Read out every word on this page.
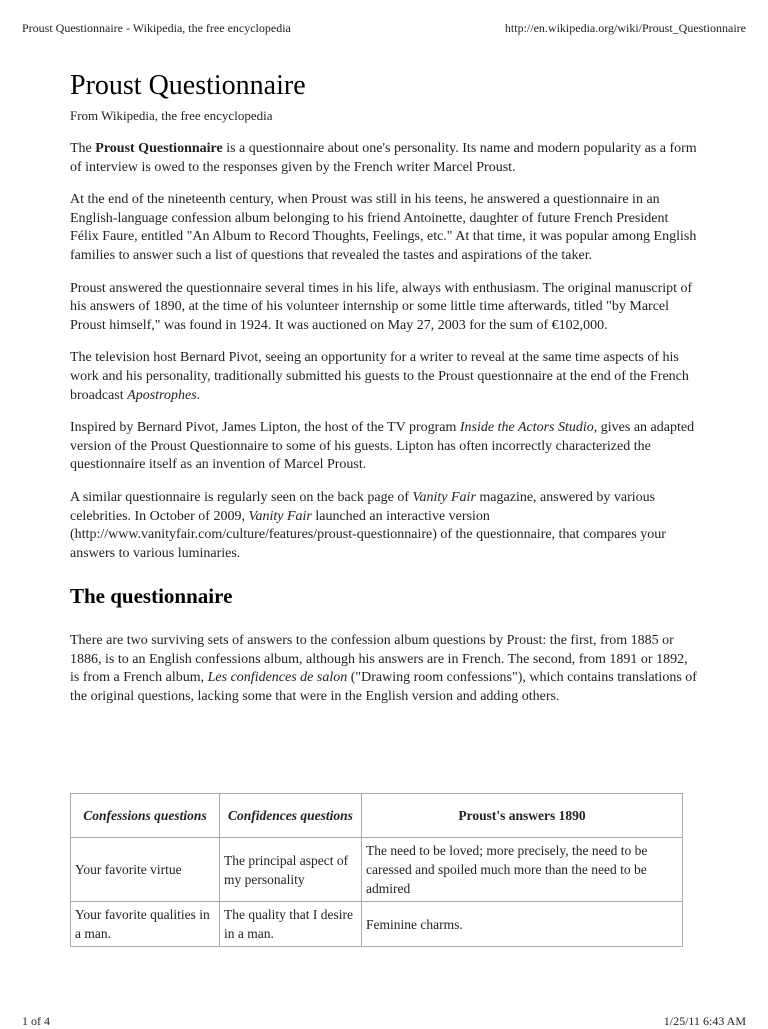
Proust Questionnaire - Wikipedia, the free encyclopedia	http://en.wikipedia.org/wiki/Proust_Questionnaire
Proust Questionnaire
From Wikipedia, the free encyclopedia

The Proust Questionnaire is a questionnaire about one's personality. Its name and modern popularity as a form of interview is owed to the responses given by the French writer Marcel Proust.

At the end of the nineteenth century, when Proust was still in his teens, he answered a questionnaire in an English-language confession album belonging to his friend Antoinette, daughter of future French President Félix Faure, entitled "An Album to Record Thoughts, Feelings, etc." At that time, it was popular among English families to answer such a list of questions that revealed the tastes and aspirations of the taker.

Proust answered the questionnaire several times in his life, always with enthusiasm. The original manuscript of his answers of 1890, at the time of his volunteer internship or some little time afterwards, titled "by Marcel Proust himself," was found in 1924. It was auctioned on May 27, 2003 for the sum of €102,000.

The television host Bernard Pivot, seeing an opportunity for a writer to reveal at the same time aspects of his work and his personality, traditionally submitted his guests to the Proust questionnaire at the end of the French broadcast Apostrophes.

Inspired by Bernard Pivot, James Lipton, the host of the TV program Inside the Actors Studio, gives an adapted version of the Proust Questionnaire to some of his guests. Lipton has often incorrectly characterized the questionnaire itself as an invention of Marcel Proust.

A similar questionnaire is regularly seen on the back page of Vanity Fair magazine, answered by various celebrities. In October of 2009, Vanity Fair launched an interactive version (http://www.vanityfair.com/culture/features/proust-questionnaire) of the questionnaire, that compares your answers to various luminaries.

The questionnaire

There are two surviving sets of answers to the confession album questions by Proust: the first, from 1885 or 1886, is to an English confessions album, although his answers are in French. The second, from 1891 or 1892, is from a French album, Les confidences de salon ("Drawing room confessions"), which contains translations of the original questions, lacking some that were in the English version and adding others.

Confessions questions	Confidences questions	Proust's answers 1890
Your favorite virtue	The principal aspect of my personality	The need to be loved; more precisely, the need to be caressed and spoiled much more than the need to be admired
Your favorite qualities in a man.	The quality that I desire in a man.	Feminine charms.
1 of 4	1/25/11 6:43 AM
